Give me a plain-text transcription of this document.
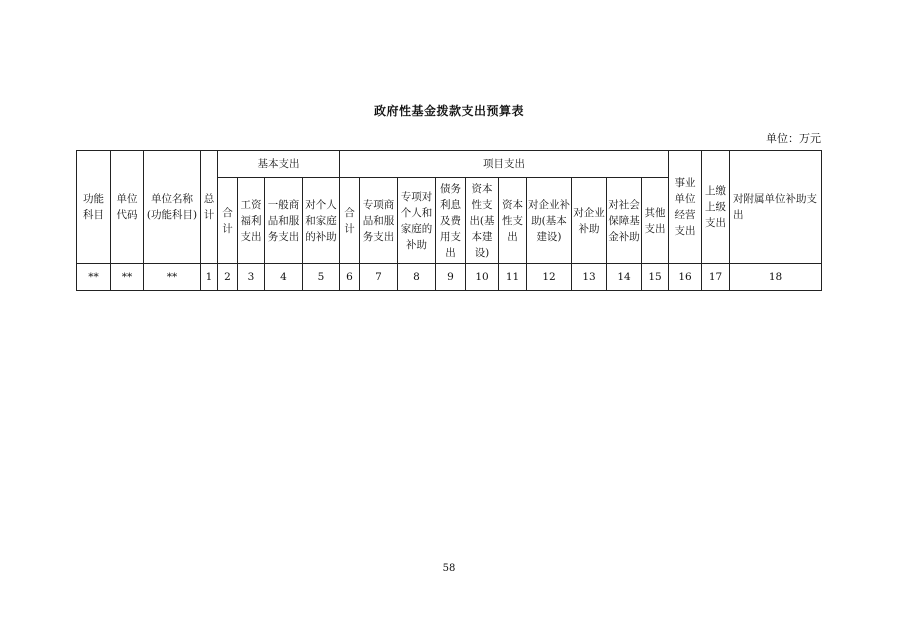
政府性基金拨款支出预算表
单位：万元
功能科目	单位代码	单位名称(功能科目)	总计	基本支出				项目支出										事业单位经营支出	上缴上级支出	对附属单位补助支出
				合计	工资福利支出	一般商品和服务支出	对个人和家庭的补助	合计	专项商品和服务支出	专项对个人和家庭的补助	债务利息及费用支出	资本性支出(基本建设)	资本性支出	对企业补助(基本建设)	对企业补助	对社会保障基金补助	其他支出			
**	**	**	1	2	3	4	5	6	7	8	9	10	11	12	13	14	15	16	17	18
58
